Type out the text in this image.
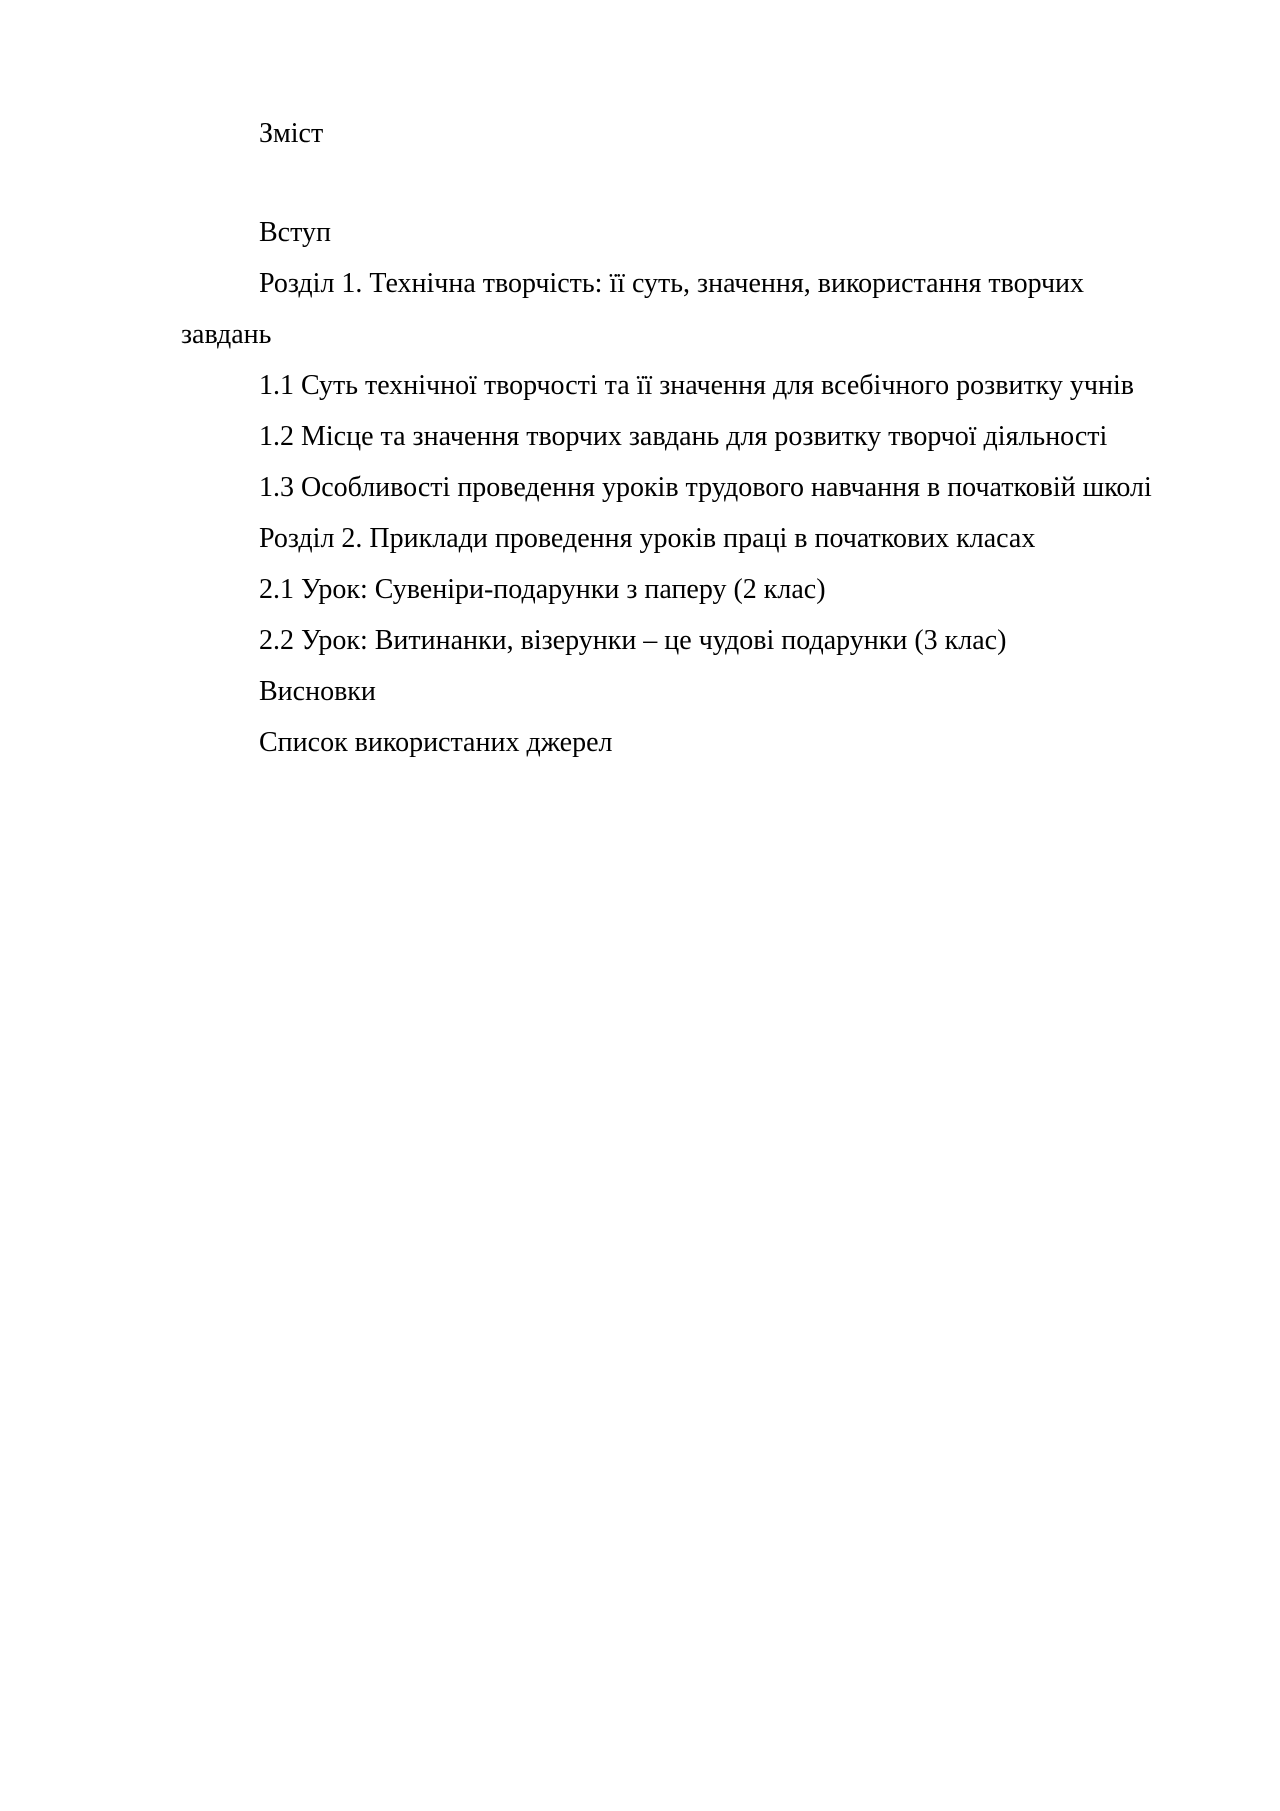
Зміст

Вступ

Розділ 1. Технічна творчість: її суть, значення, використання творчих завдань

1.1 Суть технічної творчості та її значення для всебічного розвитку учнів

1.2 Місце та значення творчих завдань для розвитку творчої діяльності

1.3 Особливості проведення уроків трудового навчання в початковій школі

Розділ 2. Приклади проведення уроків праці в початкових класах

2.1 Урок: Сувеніри-подарунки з паперу (2 клас)

2.2 Урок: Витинанки, візерунки – це чудові подарунки (3 клас)

Висновки

Список використаних джерел
